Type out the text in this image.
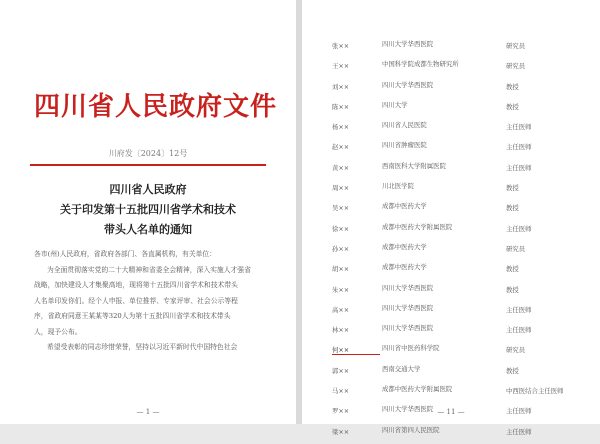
四川省人民政府文件
川府发〔2024〕12号
四川省人民政府
关于印发第十五批四川省学术和技术
带头人名单的通知

各市(州)人民政府，省政府各部门、各直属机构，有关单位：

为全面贯彻落实党的二十大精神和省委全会精神，深入实施人才强省

战略，加快建设人才集聚高地，现将第十五批四川省学术和技术带头

人名单印发你们。经个人申报、单位推荐、专家评审、社会公示等程

序，省政府同意王某某等320人为第十五批四川省学术和技术带头

人，现予公布。

希望受表彰的同志珍惜荣誉，坚持以习近平新时代中国特色社会

— 1 —
张××	四川大学华西医院	研究员
王××	中国科学院成都生物研究所	研究员
刘××	四川大学华西医院	教授
陈××	四川大学	教授
杨××	四川省人民医院	主任医师
赵××	四川省肿瘤医院	主任医师
黄××	西南医科大学附属医院	主任医师
周××	川北医学院	教授
吴××	成都中医药大学	教授
徐××	成都中医药大学附属医院	主任医师
孙××	成都中医药大学	研究员
胡××	成都中医药大学	教授
朱××	四川大学华西医院	教授
高××	四川大学华西医院	主任医师
林××	四川大学华西医院	主任医师
何××	四川省中医药科学院	研究员
郭××	西南交通大学	教授
马××	成都中医药大学附属医院	中西医结合主任医师
罗××	四川大学华西医院	主任医师
梁××	四川省第四人民医院	主任医师
— 11 —
